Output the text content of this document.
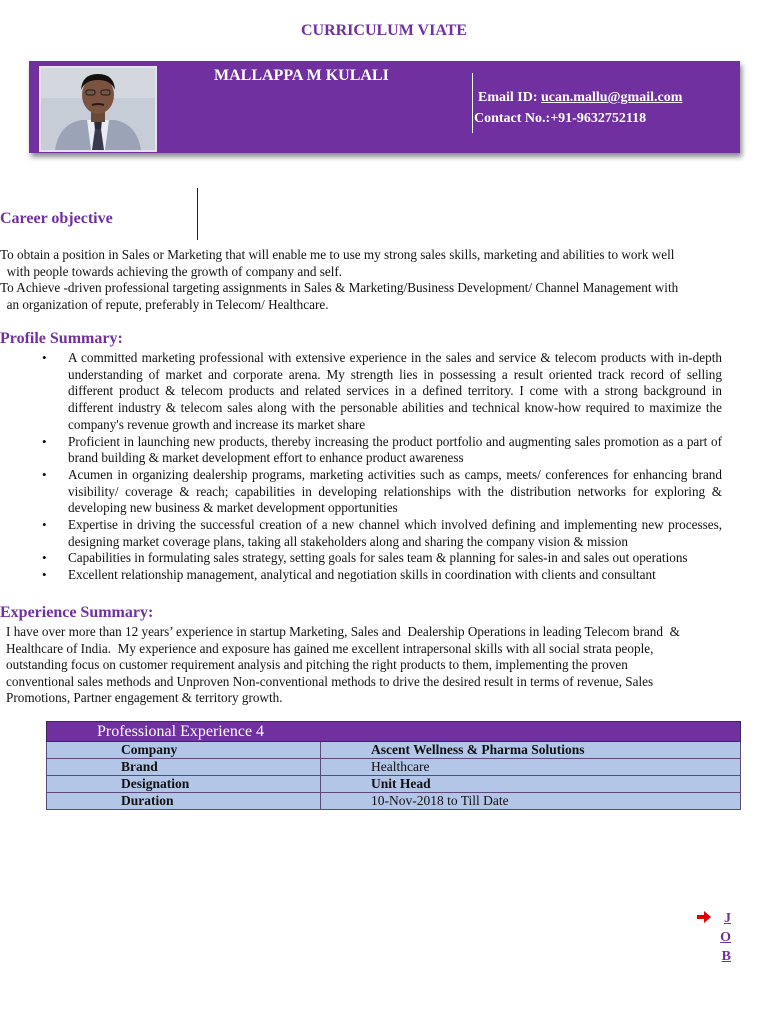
CURRICULUM VIATE
MALLAPPA M KULALI
Email ID: ucan.mallu@gmail.com
Contact No.:+91-9632752118
Career objective
To obtain a position in Sales or Marketing that will enable me to use my strong sales skills, marketing and abilities to work well
with people towards achieving the growth of company and self.
To Achieve -driven professional targeting assignments in Sales & Marketing/Business Development/ Channel Management with
an organization of repute, preferably in Telecom/ Healthcare.
Profile Summary:
• A committed marketing professional with extensive experience in the sales and service & telecom products with in-depth understanding of market and corporate arena. My strength lies in possessing a result oriented track record of selling different product & telecom products and related services in a defined territory. I come with a strong background in different industry & telecom sales along with the personable abilities and technical know-how required to maximize the company's revenue growth and increase its market share
• Proficient in launching new products, thereby increasing the product portfolio and augmenting sales promotion as a part of brand building & market development effort to enhance product awareness
• Acumen in organizing dealership programs, marketing activities such as camps, meets/ conferences for enhancing brand visibility/ coverage & reach; capabilities in developing relationships with the distribution networks for exploring & developing new business & market development opportunities
• Expertise in driving the successful creation of a new channel which involved defining and implementing new processes, designing market coverage plans, taking all stakeholders along and sharing the company vision & mission
• Capabilities in formulating sales strategy, setting goals for sales team & planning for sales-in and sales out operations
• Excellent relationship management, analytical and negotiation skills in coordination with clients and consultant
Experience Summary:
I have over more than 12 years’ experience in startup Marketing, Sales and  Dealership Operations in leading Telecom brand  &
Healthcare of India.  My experience and exposure has gained me excellent intrapersonal skills with all social strata people,
outstanding focus on customer requirement analysis and pitching the right products to them, implementing the proven
conventional sales methods and Unproven Non-conventional methods to drive the desired result in terms of revenue, Sales
Promotions, Partner engagement & territory growth.
Professional Experience 4	
Company	Ascent Wellness & Pharma Solutions
Brand	Healthcare
Designation	Unit Head
Duration	10-Nov-2018 to Till Date
J
O
B
